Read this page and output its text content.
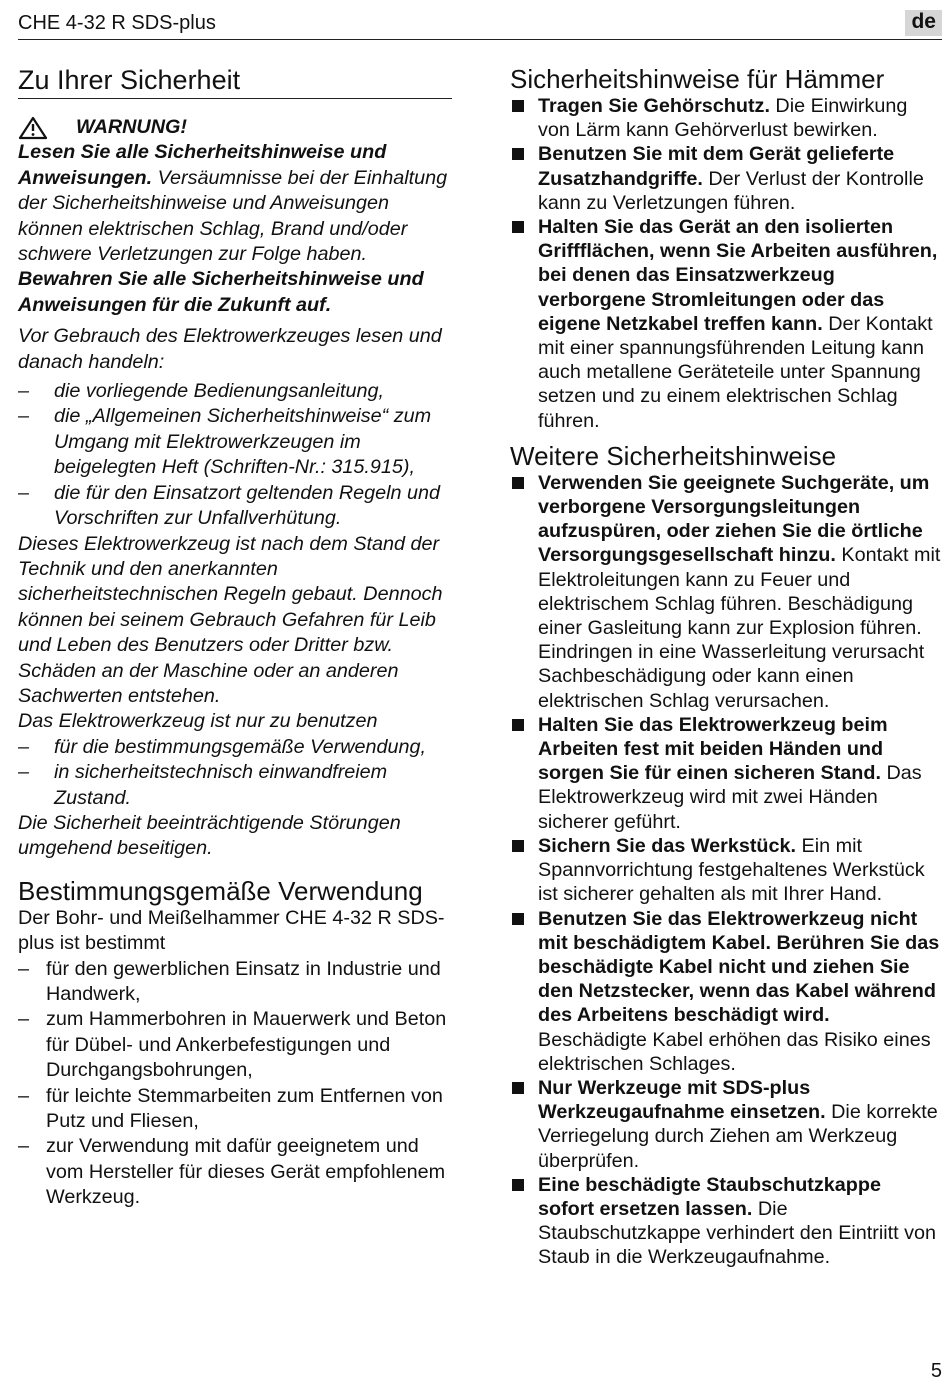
CHE 4-32 R SDS-plus	de
Zu Ihrer Sicherheit
WARNUNG!
Lesen Sie alle Sicherheitshinweise und Anweisungen. Versäumnisse bei der Einhaltung der Sicherheitshinweise und Anweisungen können elektrischen Schlag, Brand und/oder schwere Verletzungen zur Folge haben. Bewahren Sie alle Sicherheitshinweise und Anweisungen für die Zukunft auf.
Vor Gebrauch des Elektrowerkzeuges lesen und danach handeln:
– die vorliegende Bedienungsanleitung,
– die „Allgemeinen Sicherheitshinweise“ zum Umgang mit Elektrowerkzeugen im beigelegten Heft (Schriften-Nr.: 315.915),
– die für den Einsatzort geltenden Regeln und Vorschriften zur Unfallverhütung.
Dieses Elektrowerkzeug ist nach dem Stand der Technik und den anerkannten sicherheitstechnischen Regeln gebaut. Dennoch können bei seinem Gebrauch Gefahren für Leib und Leben des Benutzers oder Dritter bzw. Schäden an der Maschine oder an anderen Sachwerten entstehen.
Das Elektrowerkzeug ist nur zu benutzen
– für die bestimmungsgemäße Verwendung,
– in sicherheitstechnisch einwandfreiem Zustand.
Die Sicherheit beeinträchtigende Störungen umgehend beseitigen.
Bestimmungsgemäße Verwendung
Der Bohr- und Meißelhammer CHE 4-32 R SDS-plus ist bestimmt
– für den gewerblichen Einsatz in Industrie und Handwerk,
– zum Hammerbohren in Mauerwerk und Beton für Dübel- und Ankerbefestigungen und Durchgangsbohrungen,
– für leichte Stemmarbeiten zum Entfernen von Putz und Fliesen,
– zur Verwendung mit dafür geeignetem und vom Hersteller für dieses Gerät empfohlenem Werkzeug.
Sicherheitshinweise für Hämmer
Tragen Sie Gehörschutz. Die Einwirkung von Lärm kann Gehörverlust bewirken.
Benutzen Sie mit dem Gerät gelieferte Zusatzhandgriffe. Der Verlust der Kontrolle kann zu Verletzungen führen.
Halten Sie das Gerät an den isolierten Griffflächen, wenn Sie Arbeiten ausführen, bei denen das Einsatzwerkzeug verborgene Stromleitungen oder das eigene Netzkabel treffen kann. Der Kontakt mit einer spannungsführenden Leitung kann auch metallene Geräteteile unter Spannung setzen und zu einem elektrischen Schlag führen.
Weitere Sicherheitshinweise
Verwenden Sie geeignete Suchgeräte, um verborgene Versorgungsleitungen aufzuspüren, oder ziehen Sie die örtliche Versorgungsgesellschaft hinzu. Kontakt mit Elektroleitungen kann zu Feuer und elektrischem Schlag führen. Beschädigung einer Gasleitung kann zur Explosion führen. Eindringen in eine Wasserleitung verursacht Sachbeschädigung oder kann einen elektrischen Schlag verursachen.
Halten Sie das Elektrowerkzeug beim Arbeiten fest mit beiden Händen und sorgen Sie für einen sicheren Stand. Das Elektrowerkzeug wird mit zwei Händen sicherer geführt.
Sichern Sie das Werkstück. Ein mit Spannvorrichtung festgehaltenes Werkstück ist sicherer gehalten als mit Ihrer Hand.
Benutzen Sie das Elektrowerkzeug nicht mit beschädigtem Kabel. Berühren Sie das beschädigte Kabel nicht und ziehen Sie den Netzstecker, wenn das Kabel während des Arbeitens beschädigt wird. Beschädigte Kabel erhöhen das Risiko eines elektrischen Schlages.
Nur Werkzeuge mit SDS-plus Werkzeugaufnahme einsetzen. Die korrekte Verriegelung durch Ziehen am Werkzeug überprüfen.
Eine beschädigte Staubschutzkappe sofort ersetzen lassen. Die Staubschutzkappe verhindert den Eintriitt von Staub in die Werkzeugaufnahme.
5
